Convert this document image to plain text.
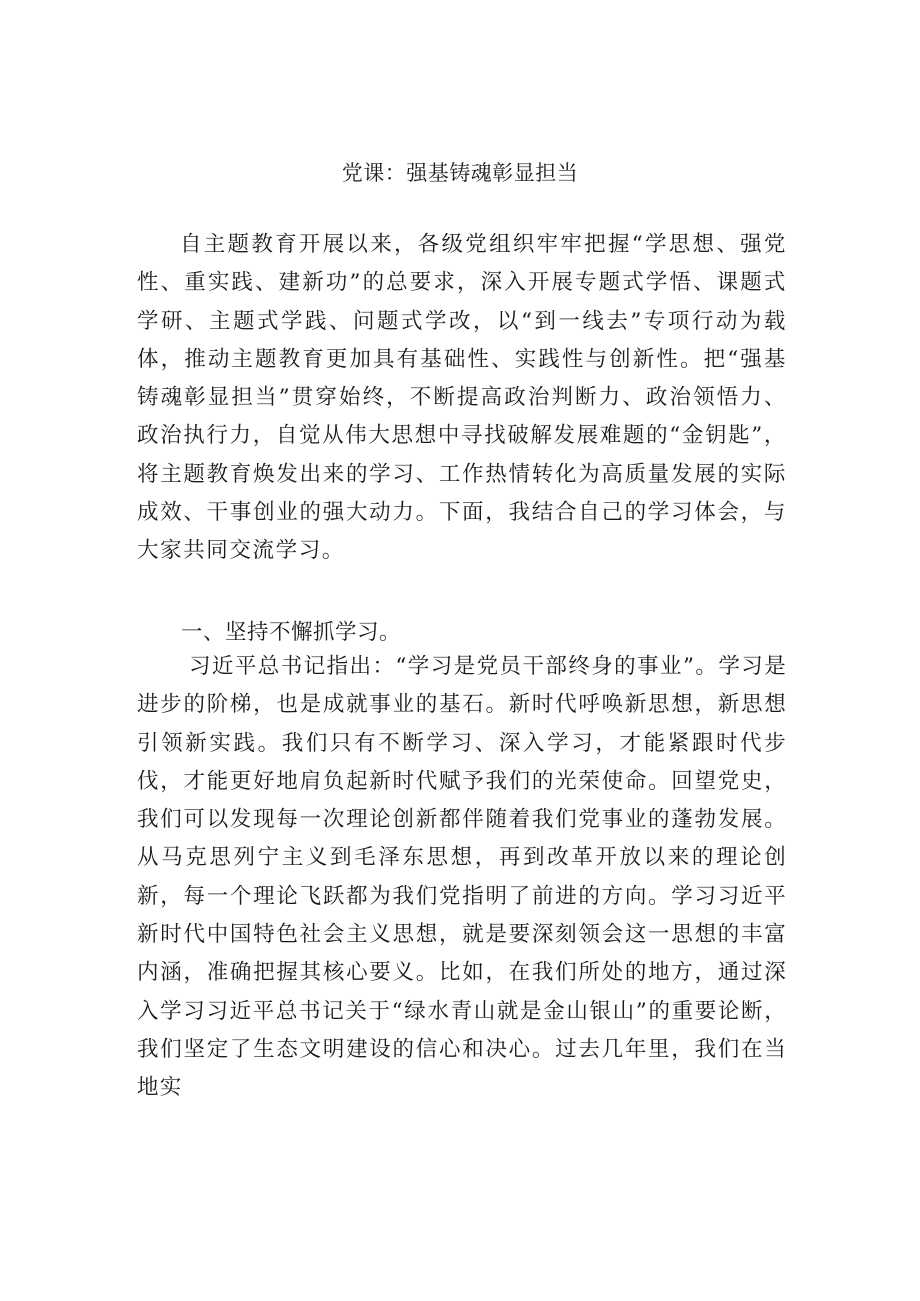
党课：强基铸魂彰显担当

自主题教育开展以来，各级党组织牢牢把握“学思想、强党性、重实践、建新功”的总要求，深入开展专题式学悟、课题式学研、主题式学践、问题式学改，以“到一线去”专项行动为载体，推动主题教育更加具有基础性、实践性与创新性。把“强基铸魂彰显担当”贯穿始终，不断提高政治判断力、政治领悟力、政治执行力，自觉从伟大思想中寻找破解发展难题的“金钥匙”，将主题教育焕发出来的学习、工作热情转化为高质量发展的实际成效、干事创业的强大动力。下面，我结合自己的学习体会，与大家共同交流学习。

一、坚持不懈抓学习。

习近平总书记指出：“学习是党员干部终身的事业”。学习是进步的阶梯，也是成就事业的基石。新时代呼唤新思想，新思想引领新实践。我们只有不断学习、深入学习，才能紧跟时代步伐，才能更好地肩负起新时代赋予我们的光荣使命。回望党史，我们可以发现每一次理论创新都伴随着我们党事业的蓬勃发展。从马克思列宁主义到毛泽东思想，再到改革开放以来的理论创新，每一个理论飞跃都为我们党指明了前进的方向。学习习近平新时代中国特色社会主义思想，就是要深刻领会这一思想的丰富内涵，准确把握其核心要义。比如，在我们所处的地方，通过深入学习习近平总书记关于“绿水青山就是金山银山”的重要论断，我们坚定了生态文明建设的信心和决心。过去几年里，我们在当地实
